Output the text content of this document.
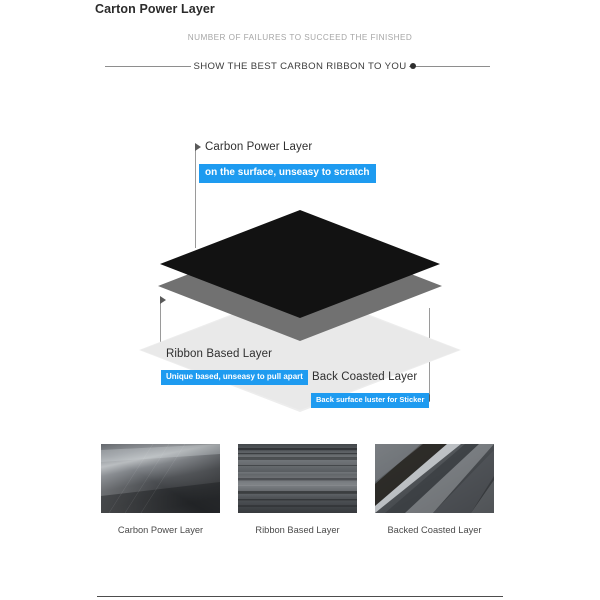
Carton Power Layer
NUMBER OF FAILURES TO SUCCEED THE FINISHED
SHOW THE BEST CARBON RIBBON TO YOU
Carbon Power Layer
on the surface, unseasy to scratch
Ribbon Based Layer
Unique based, unseasy to pull apart Back Coasted Layer
Back surface luster for Sticker
Carbon Power Layer	Ribbon Based Layer	Backed Coasted Layer
